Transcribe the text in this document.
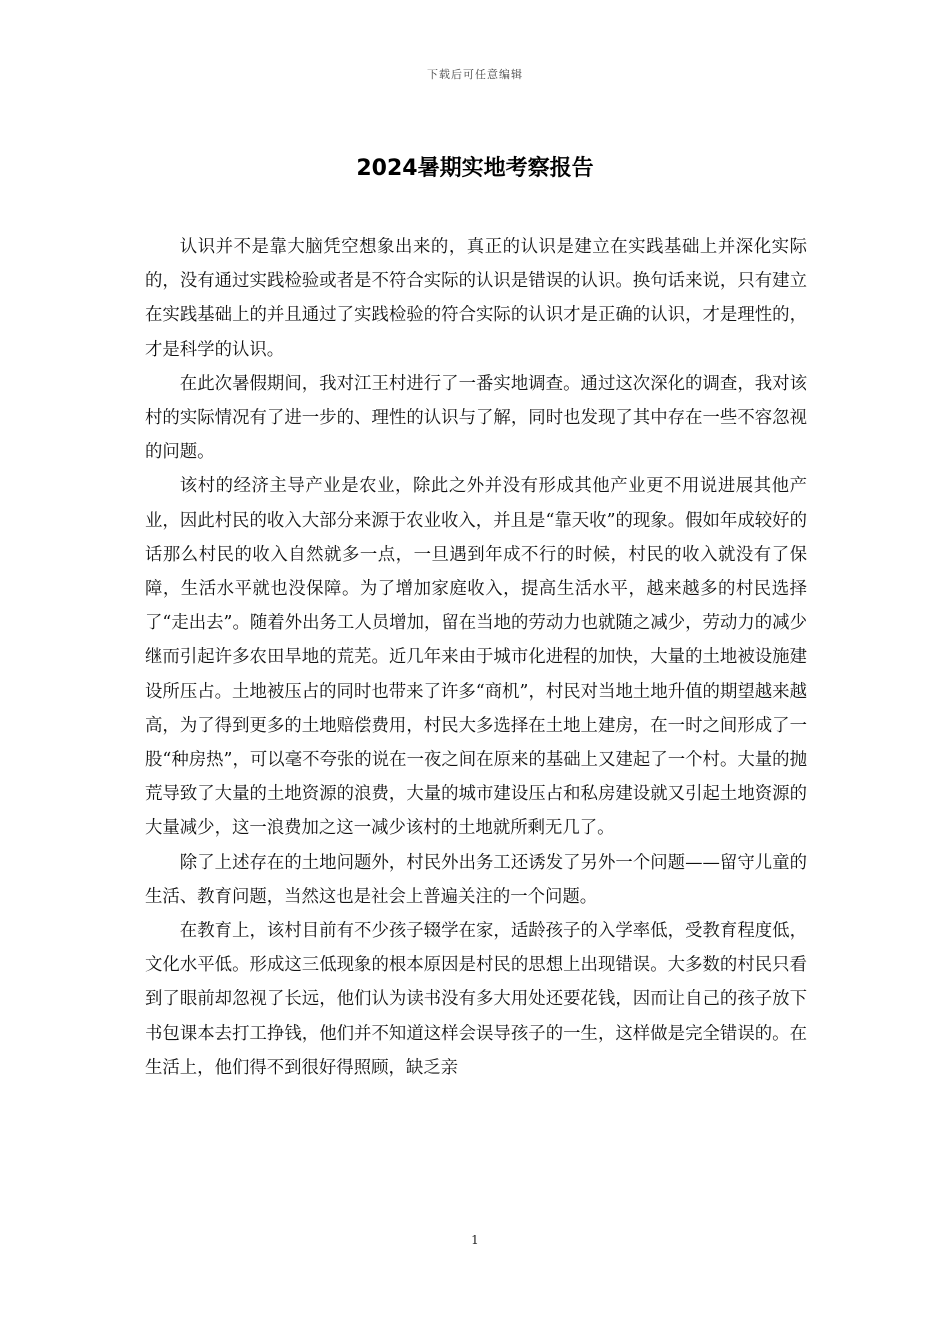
下载后可任意编辑
2024暑期实地考察报告

认识并不是靠大脑凭空想象出来的，真正的认识是建立在实践基础上并深化实际的，没有通过实践检验或者是不符合实际的认识是错误的认识。换句话来说，只有建立在实践基础上的并且通过了实践检验的符合实际的认识才是正确的认识，才是理性的，才是科学的认识。

在此次暑假期间，我对江王村进行了一番实地调查。通过这次深化的调查，我对该村的实际情况有了进一步的、理性的认识与了解，同时也发现了其中存在一些不容忽视的问题。

该村的经济主导产业是农业，除此之外并没有形成其他产业更不用说进展其他产业，因此村民的收入大部分来源于农业收入，并且是“靠天收”的现象。假如年成较好的话那么村民的收入自然就多一点，一旦遇到年成不行的时候，村民的收入就没有了保障，生活水平就也没保障。为了增加家庭收入，提高生活水平，越来越多的村民选择了“走出去”。随着外出务工人员增加，留在当地的劳动力也就随之减少，劳动力的减少继而引起许多农田旱地的荒芜。近几年来由于城市化进程的加快，大量的土地被设施建设所压占。土地被压占的同时也带来了许多“商机”，村民对当地土地升值的期望越来越高，为了得到更多的土地赔偿费用，村民大多选择在土地上建房，在一时之间形成了一股“种房热”，可以毫不夸张的说在一夜之间在原来的基础上又建起了一个村。大量的抛荒导致了大量的土地资源的浪费，大量的城市建设压占和私房建设就又引起土地资源的大量减少，这一浪费加之这一减少该村的土地就所剩无几了。

除了上述存在的土地问题外，村民外出务工还诱发了另外一个问题——留守儿童的生活、教育问题，当然这也是社会上普遍关注的一个问题。

在教育上，该村目前有不少孩子辍学在家，适龄孩子的入学率低，受教育程度低，文化水平低。形成这三低现象的根本原因是村民的思想上出现错误。大多数的村民只看到了眼前却忽视了长远，他们认为读书没有多大用处还要花钱，因而让自己的孩子放下书包课本去打工挣钱，他们并不知道这样会误导孩子的一生，这样做是完全错误的。在生活上，他们得不到很好得照顾，缺乏亲

1
